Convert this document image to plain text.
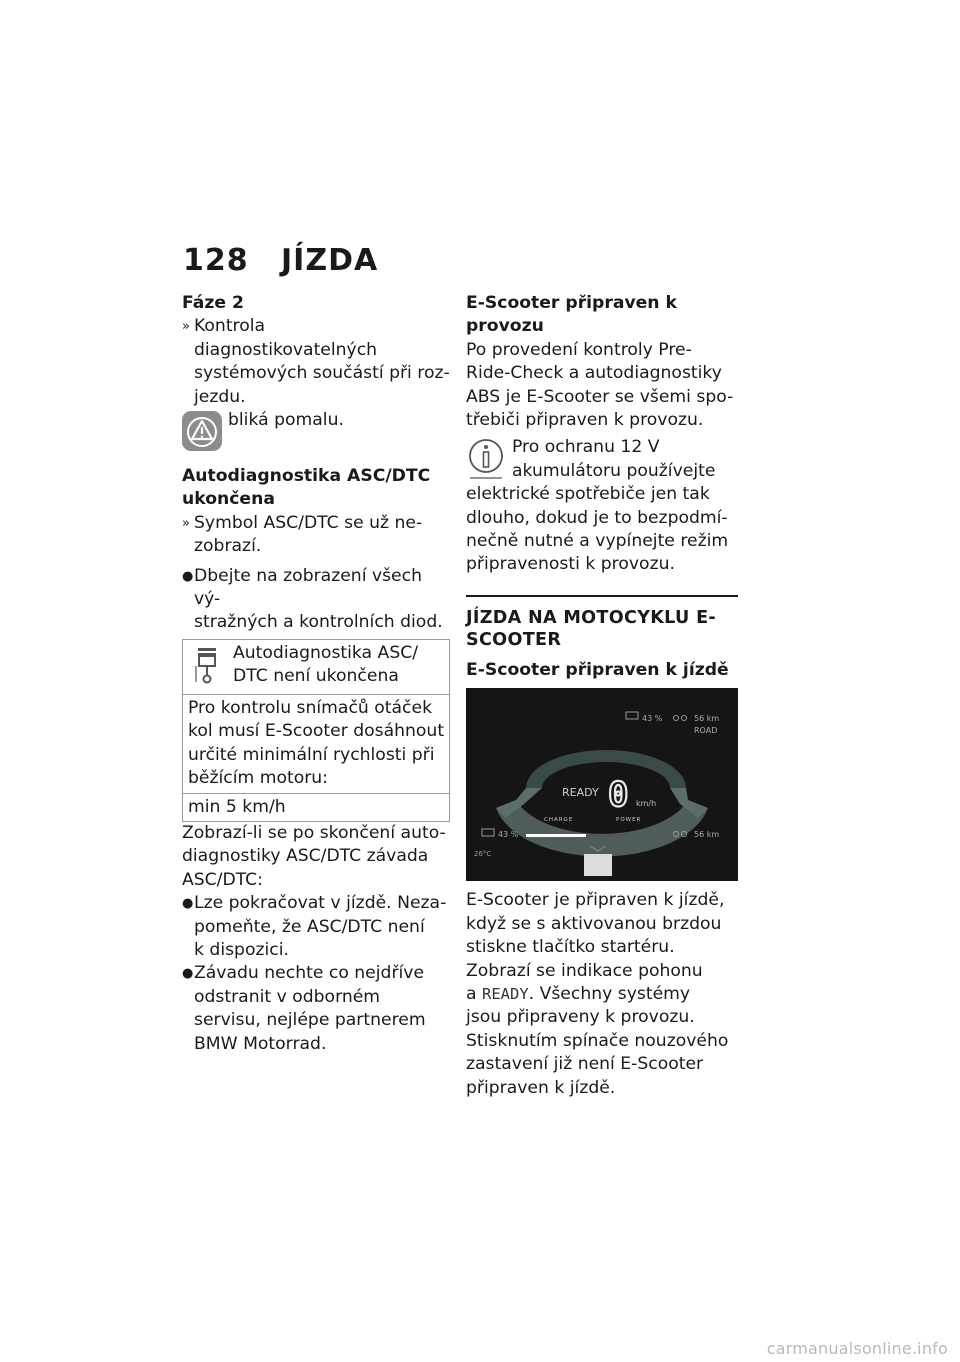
128 JÍZDA
Fáze 2
» Kontrola diagnostikovatelných
systémových součástí při roz-
jezdu.
bliká pomalu.
Autodiagnostika ASC/DTC
ukončena
» Symbol ASC/DTC se už ne-
zobrazí.
● Dbejte na zobrazení všech vý-
stražných a kontrolních diod.
Autodiagnostika ASC/
DTC není ukončena
Pro kontrolu snímačů otáček
kol musí E-Scooter dosáhnout
určité minimální rychlosti při
běžícím motoru:
min 5 km/h
Zobrazí-li se po skončení auto-
diagnostiky ASC/DTC závada
ASC/DTC:
● Lze pokračovat v jízdě. Neza-
pomeňte, že ASC/DTC není
k dispozici.
● Závadu nechte co nejdříve
odstranit v odborném
servisu, nejlépe partnerem
BMW Motorrad.
E-Scooter připraven k provozu
Po provedení kontroly Pre-
Ride-Check a autodiagnostiky
ABS je E-Scooter se všemi spo-
třebiči připraven k provozu.
Pro ochranu 12 V
akumulátoru používejte
elektrické spotřebiče jen tak
dlouho, dokud je to bezpodmí-
nečně nutné a vypínejte režim
připravenosti k provozu.
JÍZDA NA MOTOCYKLU E-
SCOOTER
E-Scooter připraven k jízdě
43 %	56 km
ROAD
READY 0 km/h
CHARGE	POWER
43 %	56 km
26°C
E-Scooter je připraven k jízdě,
když se s aktivovanou brzdou
stiskne tlačítko startéru.
Zobrazí se indikace pohonu
a READY. Všechny systémy
jsou připraveny k provozu.
Stisknutím spínače nouzového
zastavení již není E-Scooter
připraven k jízdě.
carmanualsonline.info
